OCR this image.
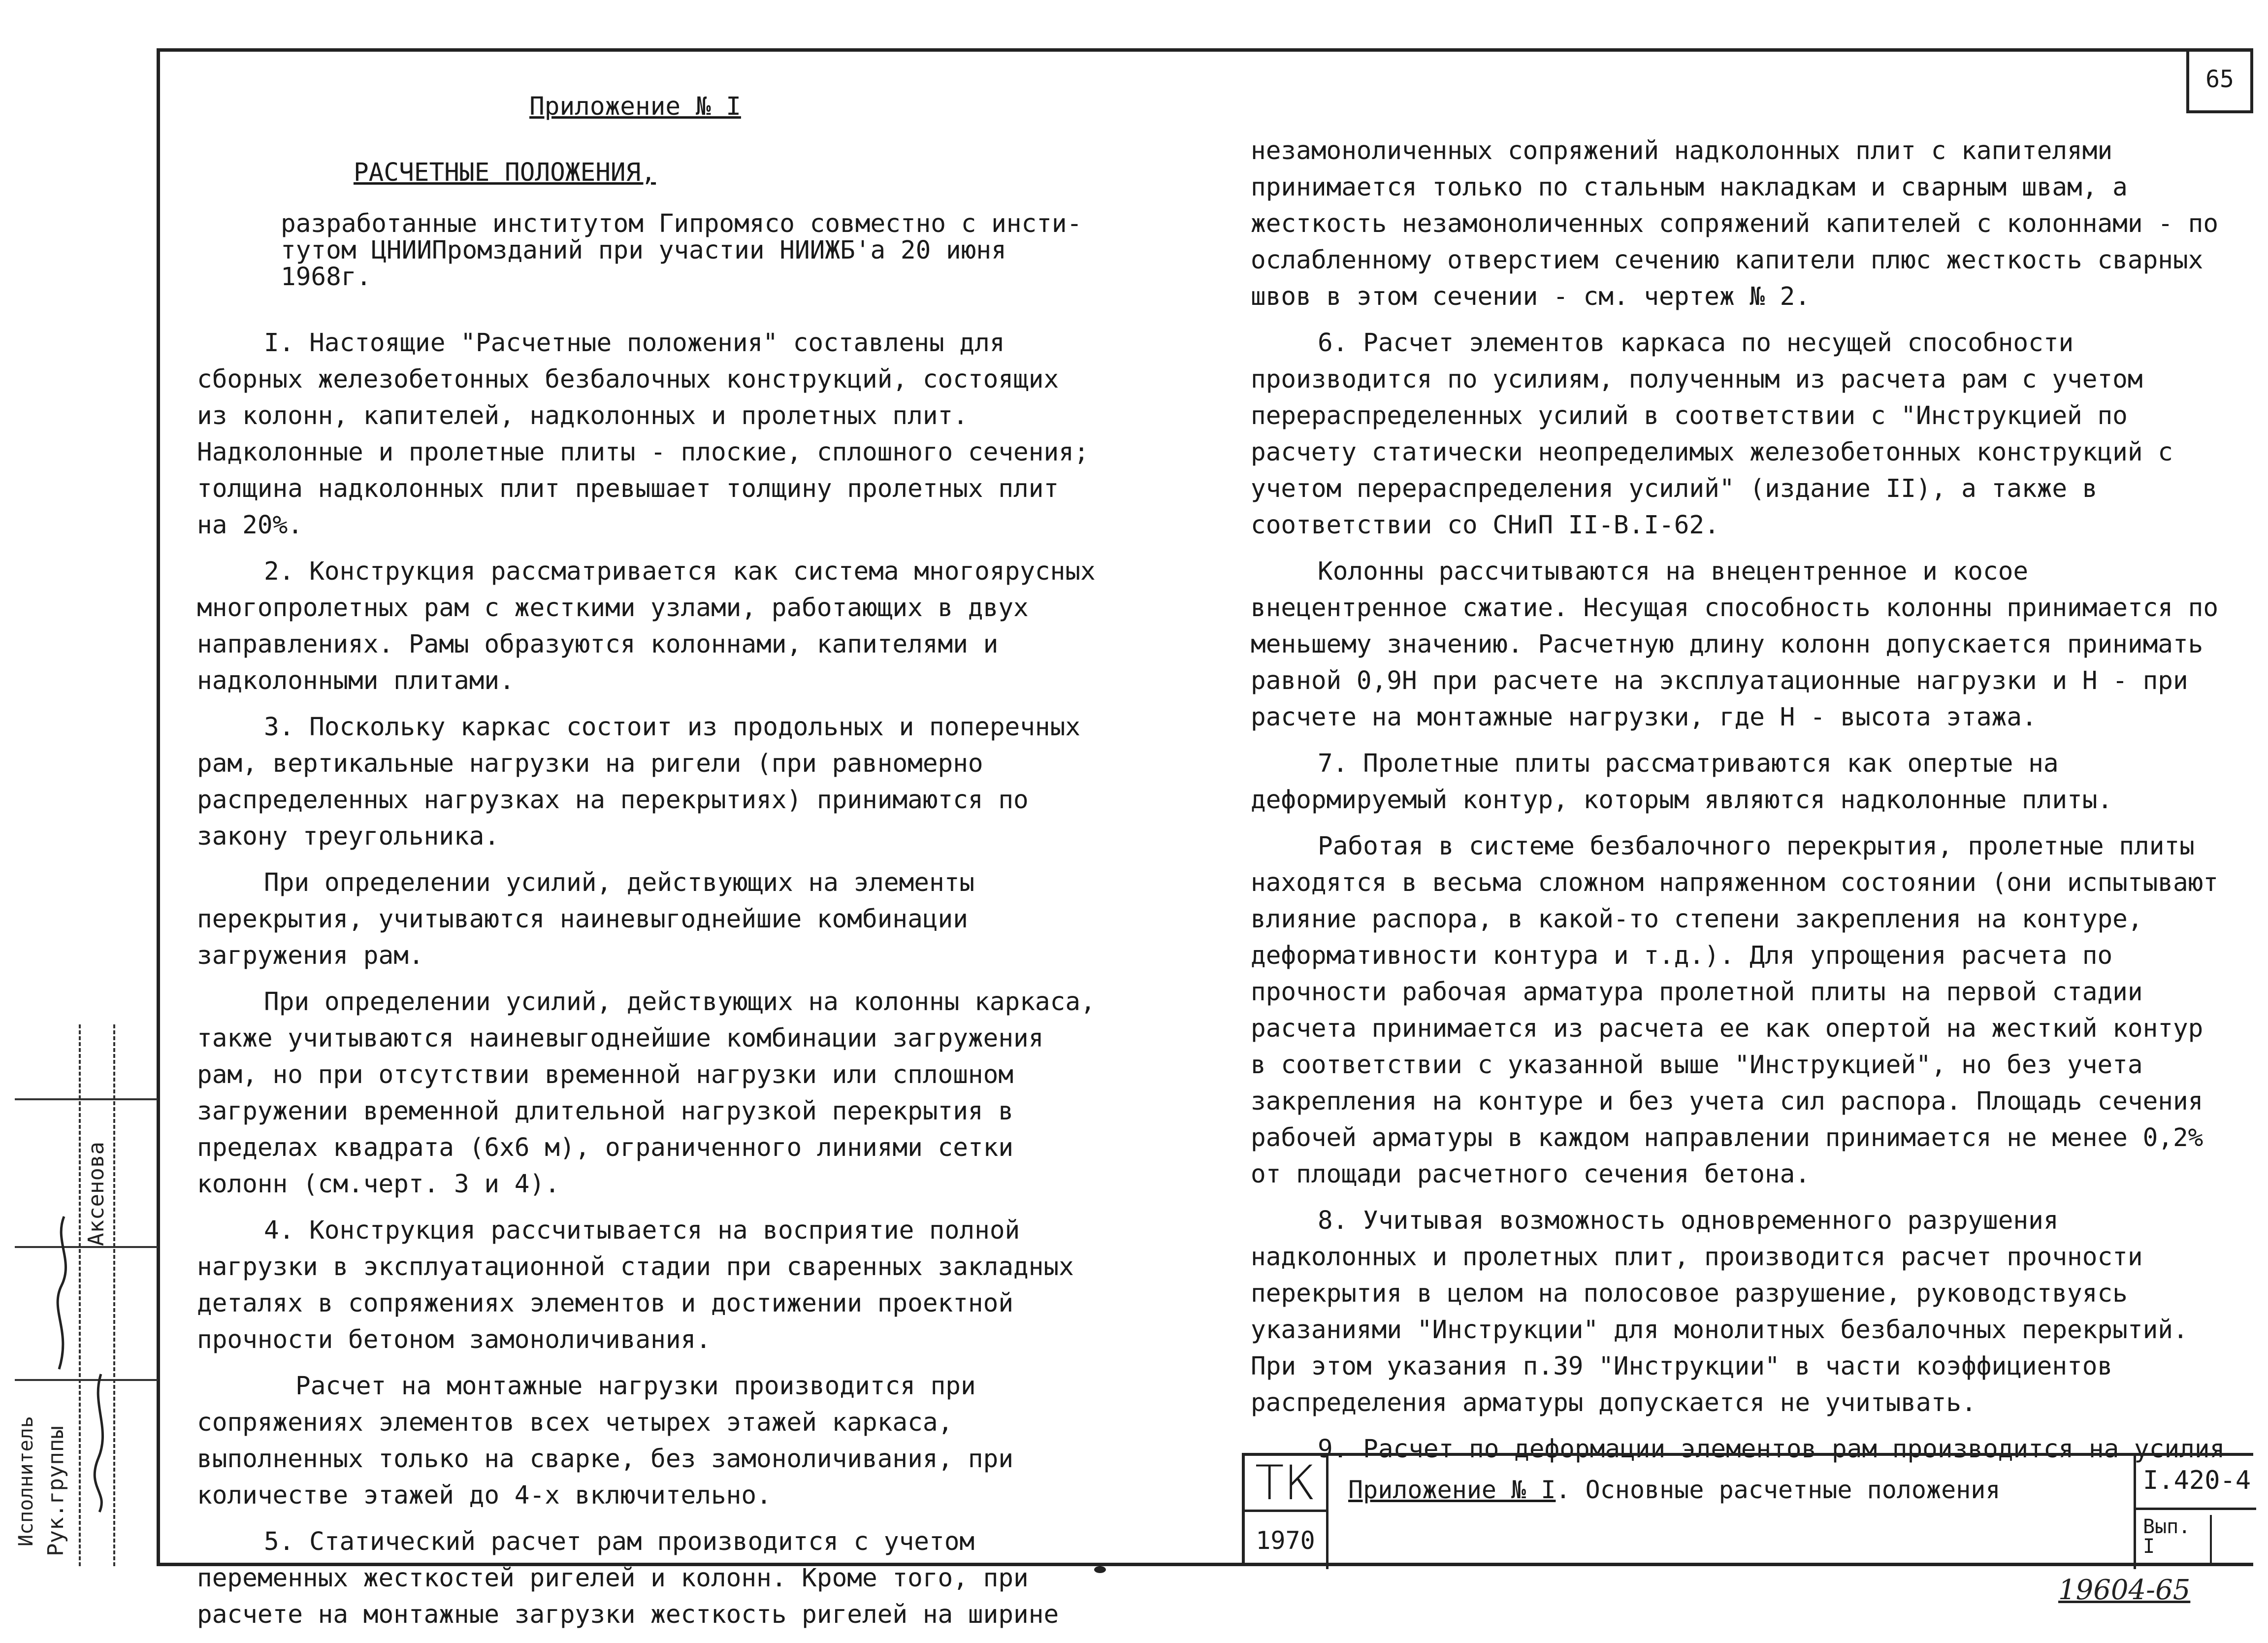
65
Рук.группы
Исполнитель
Аксенова

Приложение № I

РАСЧЕТНЫЕ ПОЛОЖЕНИЯ,

разработанные институтом Гипромясо совместно с инсти-

тутом ЦНИИПромзданий при участии НИИЖБ'а 20 июня 1968г.

I. Настоящие "Расчетные положения" составлены для сборных железобетонных безбалочных конструкций, состоящих из колонн, капителей, надколонных и пролетных плит. Надколонные и пролетные плиты - плоские, сплошного сечения; толщина надколонных плит превышает толщину пролетных плит на 20%.

2. Конструкция рассматривается как система многоярусных многопролетных рам с жесткими узлами, работающих в двух направлениях. Рамы образуются колоннами, капителями и надколонными плитами.

3. Поскольку каркас состоит из продольных и поперечных рам, вертикальные нагрузки на ригели (при равномерно распределенных нагрузках на перекрытиях) принимаются по закону треугольника.

При определении усилий, действующих на элементы перекрытия, учитываются наиневыгоднейшие комбинации загружения рам.

При определении усилий, действующих на колонны каркаса, также учитываются наиневыгоднейшие комбинации загружения рам, но при отсутствии временной нагрузки или сплошном загружении временной длительной нагрузкой перекрытия в пределах квадрата (6х6 м), ограниченного линиями сетки колонн (см.черт. 3 и 4).

4. Конструкция рассчитывается на восприятие полной нагрузки в эксплуатационной стадии при сваренных закладных деталях в сопряжениях элементов и достижении проектной прочности бетоном замоноличивания.

Расчет на монтажные нагрузки производится при сопряжениях элементов всех четырех этажей каркаса, выполненных только на сварке, без замоноличивания, при количестве этажей до 4-х включительно.

5. Статический расчет рам производится с учетом переменных жесткостей ригелей и колонн. Кроме того, при расчете на монтажные загрузки жесткость ригелей на ширине

незамоноличенных сопряжений надколонных плит с капителями принимается только по стальным накладкам и сварным швам, а жесткость незамоноличенных сопряжений капителей с колоннами - по ослабленному отверстием сечению капители плюс жесткость сварных швов в этом сечении - см. чертеж № 2.

6. Расчет элементов каркаса по несущей способности производится по усилиям, полученным из расчета рам с учетом перераспределенных усилий в соответствии с "Инструкцией по расчету статически неопределимых железобетонных конструкций с учетом перераспределения усилий" (издание II), а также в соответствии со СНиП II-В.I-62.

Колонны рассчитываются на внецентренное и косое внецентренное сжатие. Несущая способность колонны принимается по меньшему значению. Расчетную длину колонн допускается принимать равной 0,9Н при расчете на эксплуатационные нагрузки и Н - при расчете на монтажные нагрузки, где Н - высота этажа.

7. Пролетные плиты рассматриваются как опертые на деформируемый контур, которым являются надколонные плиты.

Работая в системе безбалочного перекрытия, пролетные плиты находятся в весьма сложном напряженном состоянии (они испытывают влияние распора, в какой-то степени закрепления на контуре, деформативности контура и т.д.). Для упрощения расчета по прочности рабочая арматура пролетной плиты на первой стадии расчета принимается из расчета ее как опертой на жесткий контур в соответствии с указанной выше "Инструкцией", но без учета закрепления на контуре и без учета сил распора. Площадь сечения рабочей арматуры в каждом направлении принимается не менее 0,2% от площади расчетного сечения бетона.

8. Учитывая возможность одновременного разрушения надколонных и пролетных плит, производится расчет прочности перекрытия в целом на полосовое разрушение, руководствуясь указаниями "Инструкции" для монолитных безбалочных перекрытий. При этом указания п.39 "Инструкции" в части коэффициентов распределения арматуры допускается не учитывать.

9. Расчет по деформации элементов рам производится на усилия

ТК
1970
Приложение № I. Основные расчетные положения	I.420-4
Вып.
I
19604-65
